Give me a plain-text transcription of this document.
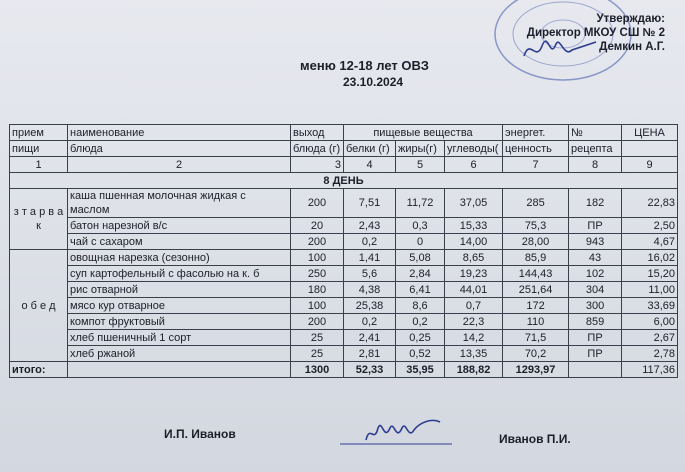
Утверждаю:
Директор МКОУ СШ № 2
Демкин А.Г.
меню 12-18 лет ОВЗ
23.10.2024
прием	наименование	выход	пищевые вещества			энергет.	№	ЦЕНА
пищи	блюда	блюда (г)	белки (г)	жиры(г)	углеводы(	ценность	рецепта	
1	2	3	4	5	6	7	8	9
8 ДЕНЬ								
з т а р в а к	каша пшенная молочная жидкая с маслом	200	7,51	11,72	37,05	285	182	22,83
	батон нарезной в/с	20	2,43	0,3	15,33	75,3	ПР	2,50
	чай с сахаром	200	0,2	0	14,00	28,00	943	4,67
о б е д	овощная нарезка (сезонно)	100	1,41	5,08	8,65	85,9	43	16,02
	суп картофельный с фасолью на к. б	250	5,6	2,84	19,23	144,43	102	15,20
	рис отварной	180	4,38	6,41	44,01	251,64	304	11,00
	мясо кур отварное	100	25,38	8,6	0,7	172	300	33,69
	компот фруктовый	200	0,2	0,2	22,3	110	859	6,00
	хлеб пшеничный 1 сорт	25	2,41	0,25	14,2	71,5	ПР	2,67
	хлеб ржаной	25	2,81	0,52	13,35	70,2	ПР	2,78
итого:		1300	52,33	35,95	188,82	1293,97		117,36
И.П. Иванов	Иванов П.И.
